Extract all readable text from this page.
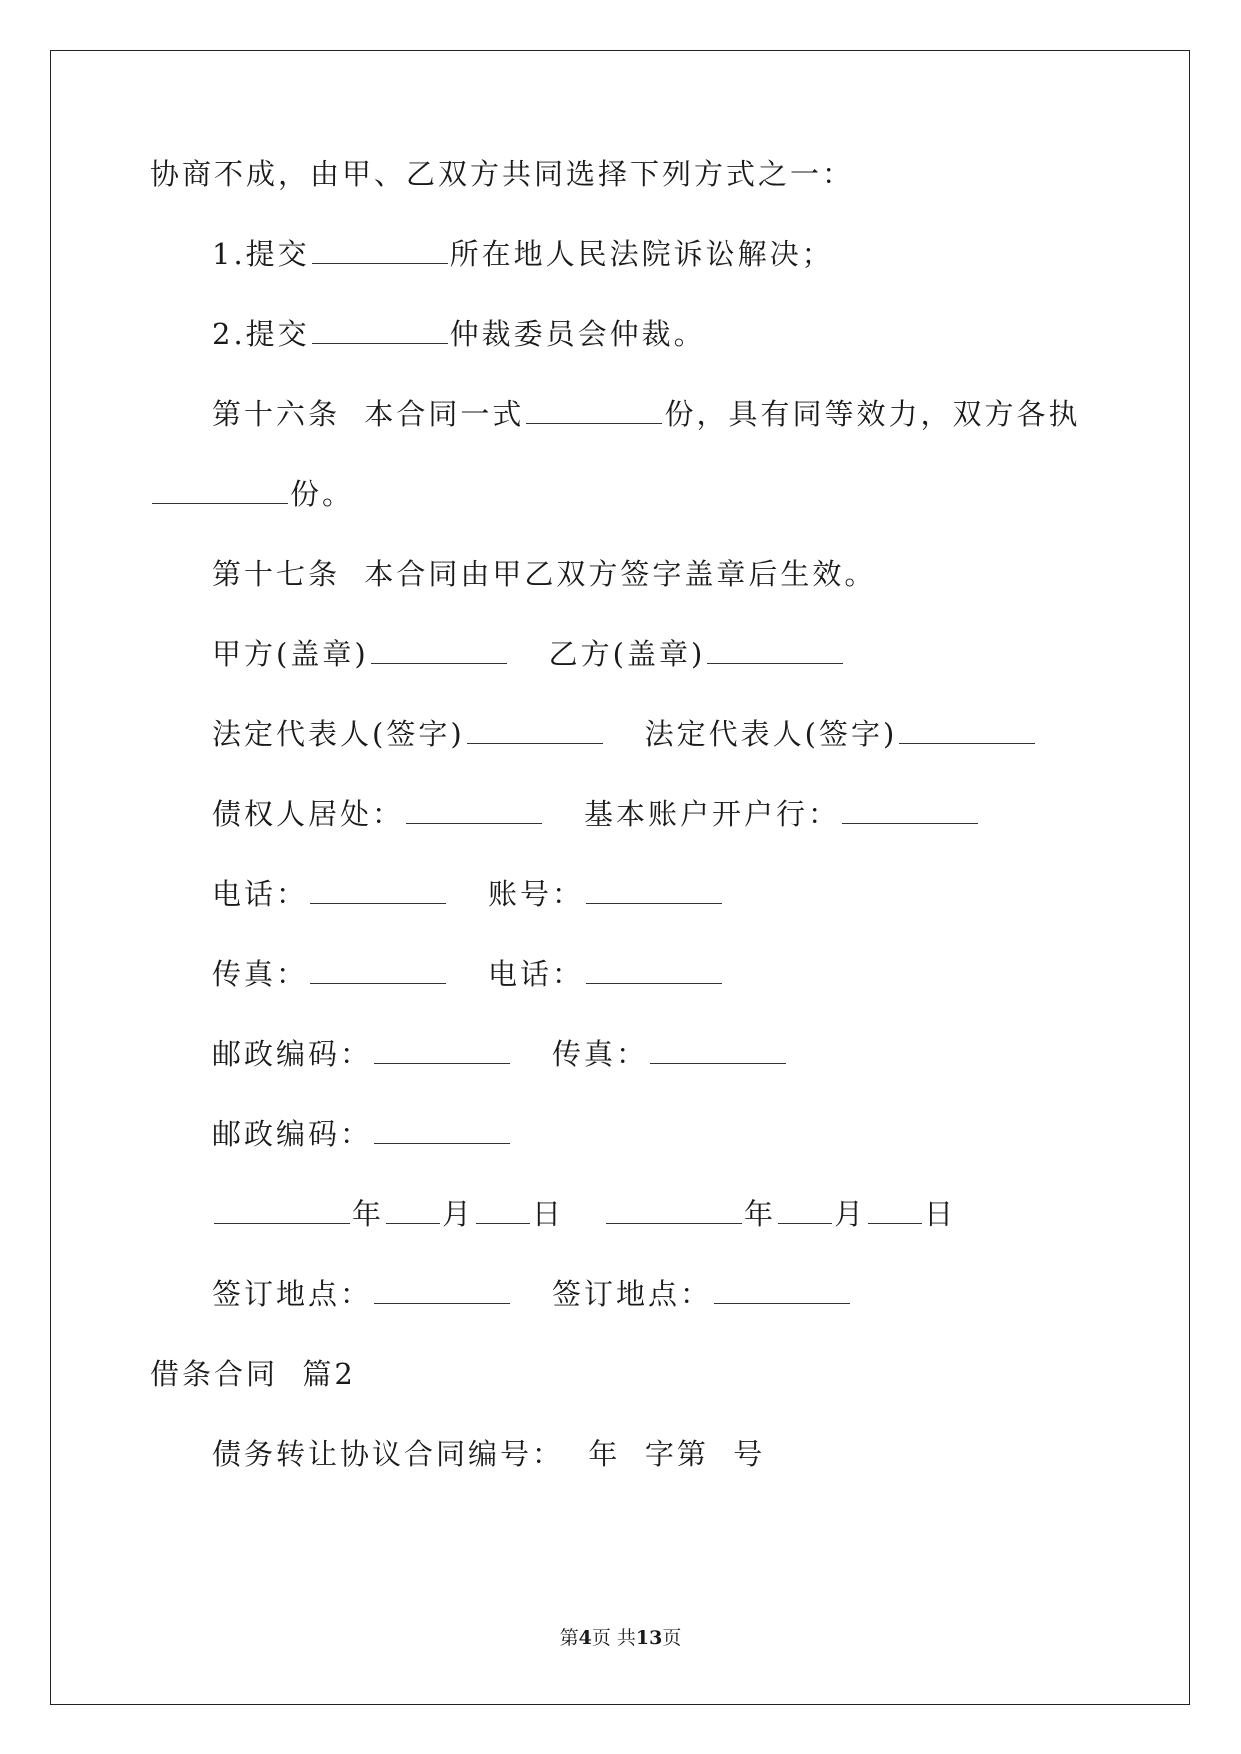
协商不成，由甲、乙双方共同选择下列方式之一：
1.提交	所在地人民法院诉讼解决；
2.提交	仲裁委员会仲裁。
第十六条  本合同一式	份，具有同等效力，双方各执
份。
第十七条  本合同由甲乙双方签字盖章后生效。
甲方(盖章)	乙方(盖章)
法定代表人(签字)	法定代表人(签字)
债权人居处：	基本账户开户行：
电话：	账号：
传真：	电话：
邮政编码：	传真：
邮政编码：
年 月 日	年 月 日
签订地点：	签订地点：
借条合同  篇2
债务转让协议合同编号：  年  字第  号
第4页 共13页
